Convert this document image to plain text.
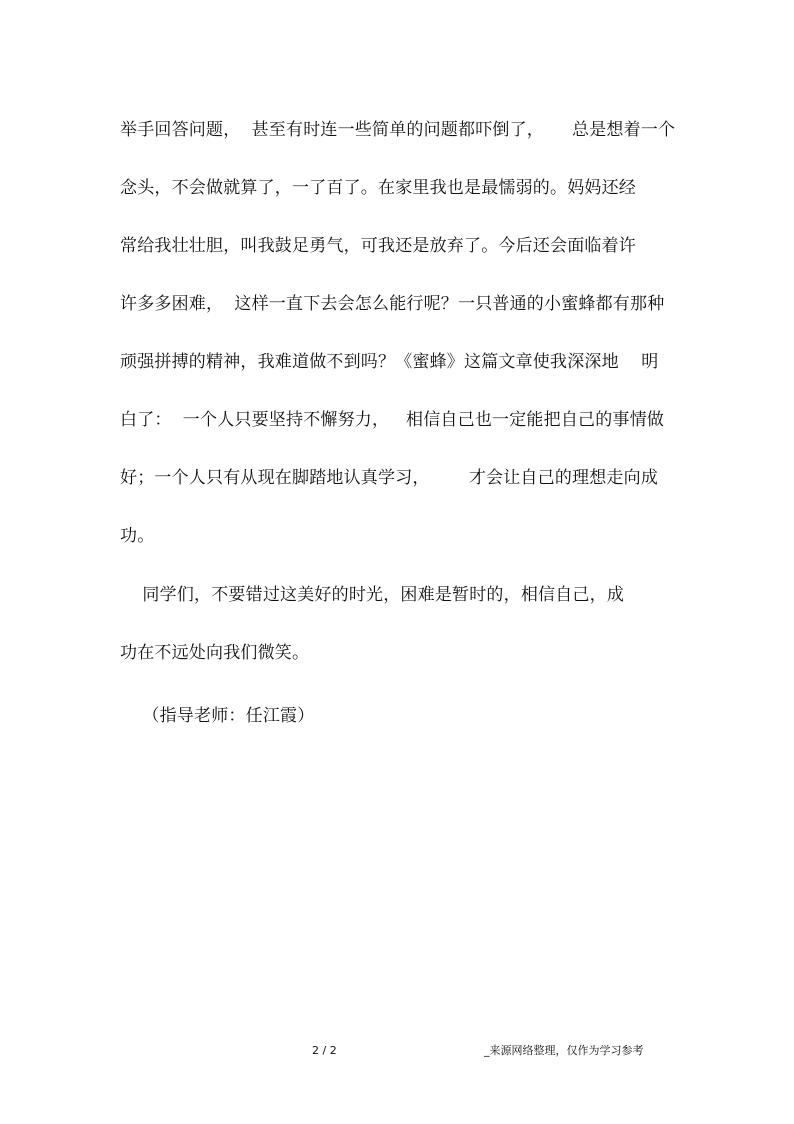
举手回答问题，  甚至有时连一些简单的问题都吓倒了，     总是想着一个
念头，不会做就算了，一了百了。在家里我也是最懦弱的。妈妈还经
常给我壮壮胆，叫我鼓足勇气，可我还是放弃了。今后还会面临着许
许多多困难，  这样一直下去会怎么能行呢？一只普通的小蜜蜂都有那种
顽强拼搏的精神，我难道做不到吗？《蜜蜂》这篇文章使我深深地    明
白了：  一个人只要坚持不懈努力，   相信自己也一定能把自己的事情做
好；一个人只有从现在脚踏地认真学习，       才会让自己的理想走向成
功。
同学们，不要错过这美好的时光，困难是暂时的，相信自己，成
功在不远处向我们微笑。
（指导老师：任江霞）
2 / 2	_来源网络整理，仅作为学习参考
